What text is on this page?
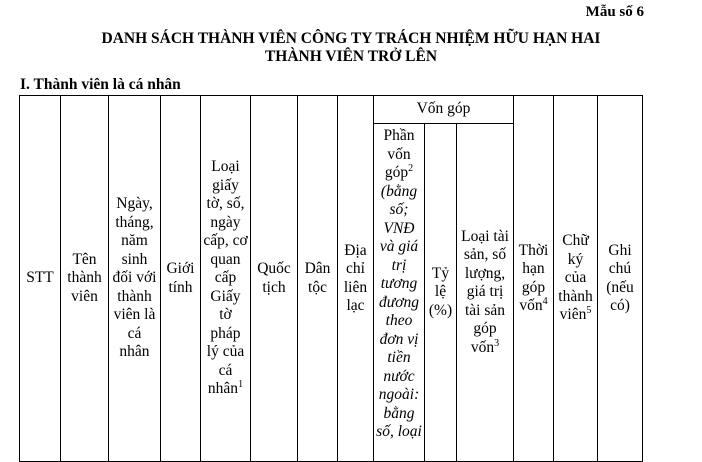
Mẫu số 6
DANH SÁCH THÀNH VIÊN CÔNG TY TRÁCH NHIỆM HỮU HẠN HAI
THÀNH VIÊN TRỞ LÊN
I. Thành viên là cá nhân
STT	Tên thành viên	Ngày, tháng, năm sinh đối với thành viên là cá nhân	Giới tính	Loại giấy tờ, số, ngày cấp, cơ quan cấp Giấy tờ pháp lý của cá nhân$^1$	Quốc tịch	Dân tộc	Địa chỉ liên lạc	Vốn góp			Thời hạn góp vốn$^4$	Chữ ký của thành viên$^5$	Ghi chú (nếu có)

								Phần vốn góp$^2$ (bằng số; VNĐ và giá trị tương đương theo đơn vị tiền nước ngoài: bằng số, loại	Tỷ lệ (%)	Loại tài sản, số lượng, giá trị tài sản góp vốn$^3$
